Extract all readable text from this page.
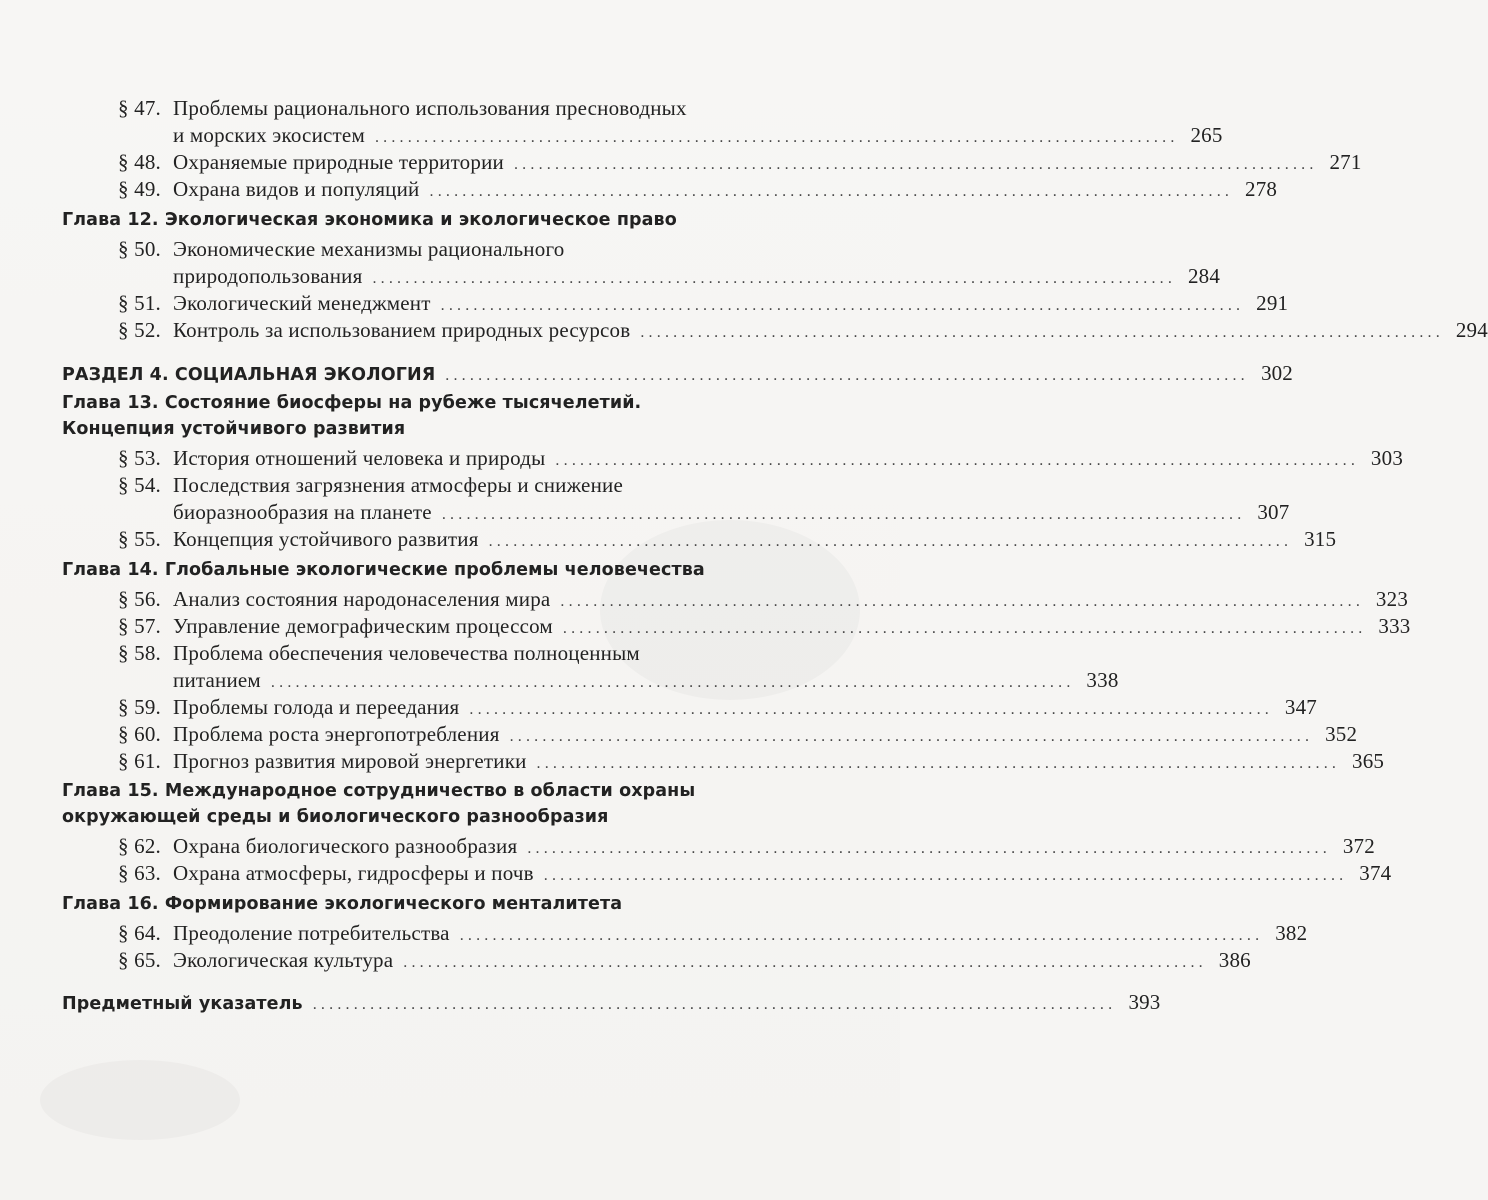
§ 47. Проблемы рационального использования пресноводных
и морских экосистем .................................................................................................. 265
§ 48. Охраняемые природные территории .................................................................................................. 271
§ 49. Охрана видов и популяций .................................................................................................. 278
Глава 12. Экологическая экономика и экологическое право
§ 50. Экономические механизмы рационального
природопользования .................................................................................................. 284
§ 51. Экологический менеджмент .................................................................................................. 291
§ 52. Контроль за использованием природных ресурсов .................................................................................................. 294
РАЗДЕЛ 4. СОЦИАЛЬНАЯ ЭКОЛОГИЯ .................................................................................................. 302
Глава 13. Состояние биосферы на рубеже тысячелетий.
Концепция устойчивого развития
§ 53. История отношений человека и природы .................................................................................................. 303
§ 54. Последствия загрязнения атмосферы и снижение
биоразнообразия на планете .................................................................................................. 307
§ 55. Концепция устойчивого развития .................................................................................................. 315
Глава 14. Глобальные экологические проблемы человечества
§ 56. Анализ состояния народонаселения мира .................................................................................................. 323
§ 57. Управление демографическим процессом .................................................................................................. 333
§ 58. Проблема обеспечения человечества полноценным
питанием .................................................................................................. 338
§ 59. Проблемы голода и переедания .................................................................................................. 347
§ 60. Проблема роста энергопотребления .................................................................................................. 352
§ 61. Прогноз развития мировой энергетики .................................................................................................. 365
Глава 15. Международное сотрудничество в области охраны
окружающей среды и биологического разнообразия
§ 62. Охрана биологического разнообразия .................................................................................................. 372
§ 63. Охрана атмосферы, гидросферы и почв .................................................................................................. 374
Глава 16. Формирование экологического менталитета
§ 64. Преодоление потребительства .................................................................................................. 382
§ 65. Экологическая культура .................................................................................................. 386
Предметный указатель .................................................................................................. 393
